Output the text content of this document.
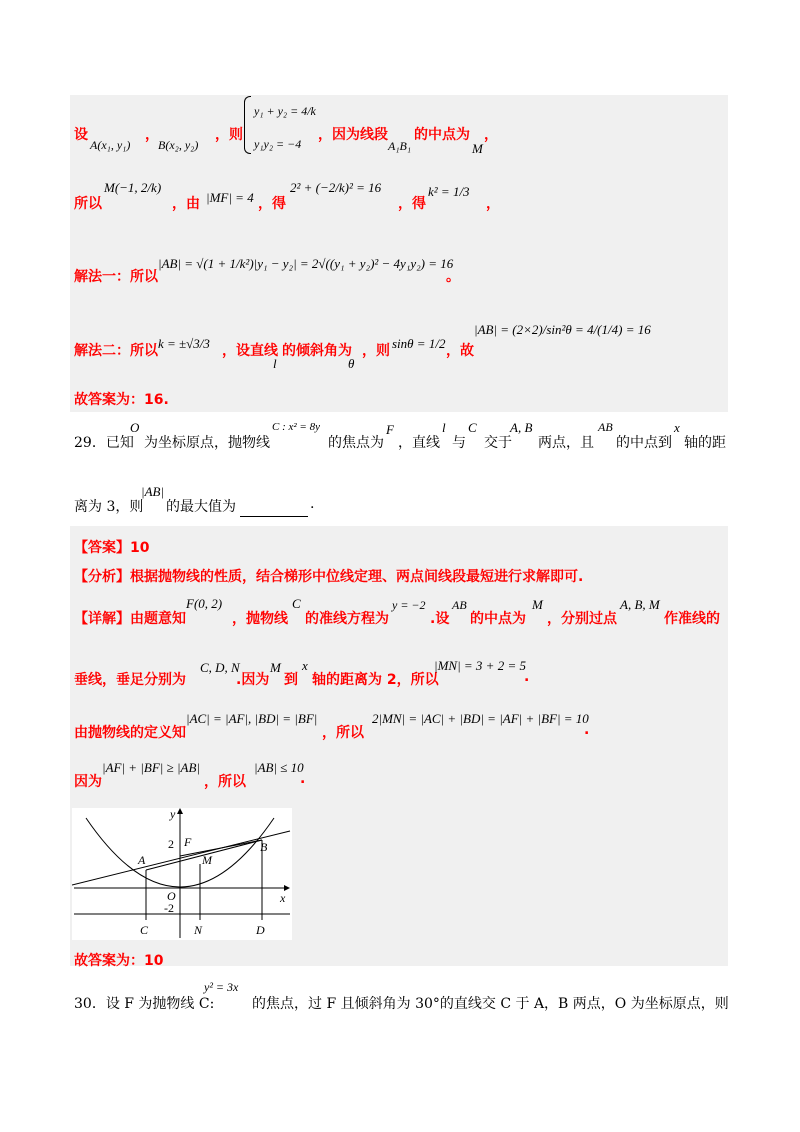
设
A(x₁, y₁)
，
B(x₂, y₂)
，则
y₁ + y₂ = 4/k
y₁y₂ = −4
，因为线段
A₁B₁
的中点为
M
，
所以
M(−1, 2/k)
，由 |MF| = 4 ，得
2² + (−2/k)² = 16
，得
k² = 1/3
，
解法一：所以
|AB| = √(1 + 1/k²)|y₁ − y₂| = 2√((y₁ + y₂)² − 4y₁y₂) = 16
。
解法二：所以 k = ±√3/3 ，设直线
l
的倾斜角为
θ
，则 sinθ = 1/2 ，故
|AB| = (2×2)/sin²θ = 4/(1/4) = 16
故答案为：16.
29．已知
O
为坐标原点，抛物线
C : x² = 8y
的焦点为
F
，直线
l
与
C
交于
A, B
两点，且
AB
的中点到
x
轴的距
离为 3，则
|AB|
的最大值为	.
【答案】10
【分析】根据抛物线的性质，结合梯形中位线定理、两点间线段最短进行求解即可.
【详解】由题意知
F(0, 2)
，抛物线
C
的准线方程为
y = −2
.设
AB
的中点为
M
，分别过点
A, B, M
作准线的
垂线，垂足分别为
C, D, N
.因为
M
到
x
轴的距离为 2，所以
|MN| = 3 + 2 = 5
.
由抛物线的定义知
|AC| = |AF|, |BD| = |BF|
，所以
2|MN| = |AC| + |BD| = |AF| + |BF| = 10
.
因为
|AF| + |BF| ≥ |AB|
，所以
|AB| ≤ 10
.
y
x
2
-2
F
A
B
M
O
C	N	D
故答案为：10
30．设 F 为抛物线 C:
y² = 3x
的焦点，过 F 且倾斜角为 30°的直线交 C 于 A，B 两点，O 为坐标原点，则
